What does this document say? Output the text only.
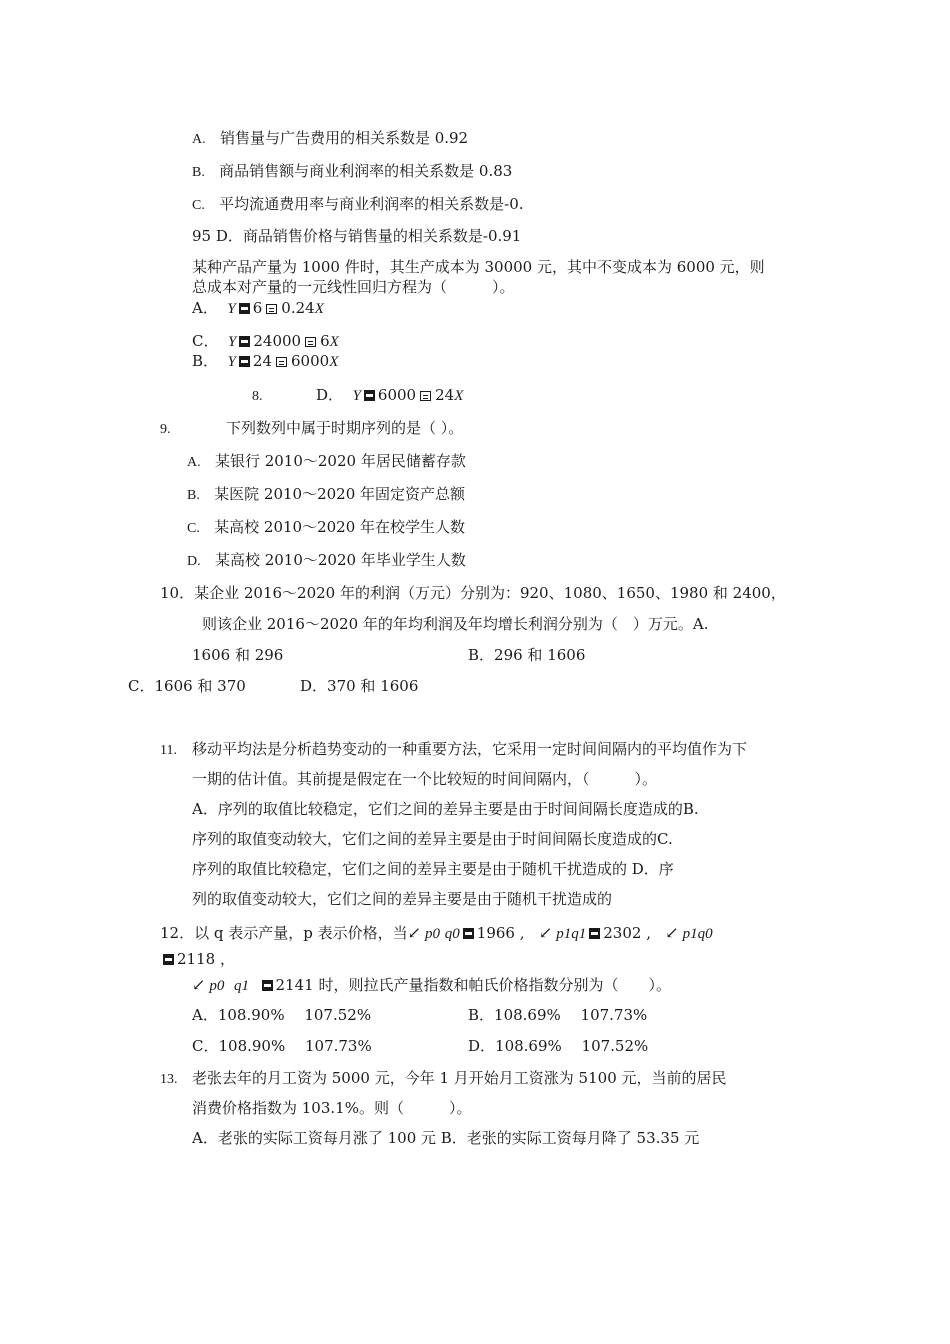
A. 销售量与广告费用的相关系数是 0.92
B. 商品销售额与商业利润率的相关系数是 0.83
C. 平均流通费用率与商业利润率的相关系数是-0.
95 D．商品销售价格与销售量的相关系数是-0.91
某种产品产量为 1000 件时，其生产成本为 30000 元，其中不变成本为 6000 元，则
总成本对产量的一元线性回归方程为（　　　）。
A． Y 6 0.24X
C． Y 24000 6X
B． Y 24 6000X
8.	D． Y 6000 24X
9.	下列数列中属于时期序列的是（ ）。
A. 某银行 2010～2020 年居民储蓄存款
B. 某医院 2010～2020 年固定资产总额
C. 某高校 2010～2020 年在校学生人数
D. 某高校 2010～2020 年毕业学生人数
10．某企业 2016～2020 年的利润（万元）分别为：920、1080、1650、1980 和 2400，
则该企业 2016～2020 年的年均利润及年均增长利润分别为（　）万元。A.
1606 和 296	B．296 和 1606
C．1606 和 370	D．370 和 1606
11. 移动平均法是分析趋势变动的一种重要方法，它采用一定时间间隔内的平均值作为下
一期的估计值。其前提是假定在一个比较短的时间间隔内，（　　　）。
A．序列的取值比较稳定，它们之间的差异主要是由于时间间隔长度造成的B.
序列的取值变动较大，它们之间的差异主要是由于时间间隔长度造成的C.
序列的取值比较稳定，它们之间的差异主要是由于随机干扰造成的 D．序
列的取值变动较大，它们之间的差异主要是由于随机干扰造成的
12．以 q 表示产量，p 表示价格，当↙ p0 q0 1966 ,   ↙ p1q1 2302 ,   ↙ p1q0
2118 ，
↙ p0 q1 2141 时，则拉氏产量指数和帕氏价格指数分别为（　　）。
A．108.90%　 107.52%	B．108.69%　 107.73%
C．108.90%　 107.73%	D．108.69%　 107.52%
13. 老张去年的月工资为 5000 元，今年 1 月开始月工资涨为 5100 元，当前的居民
消费价格指数为 103.1%。则（　　　）。
A．老张的实际工资每月涨了 100 元 B．老张的实际工资每月降了 53.35 元
